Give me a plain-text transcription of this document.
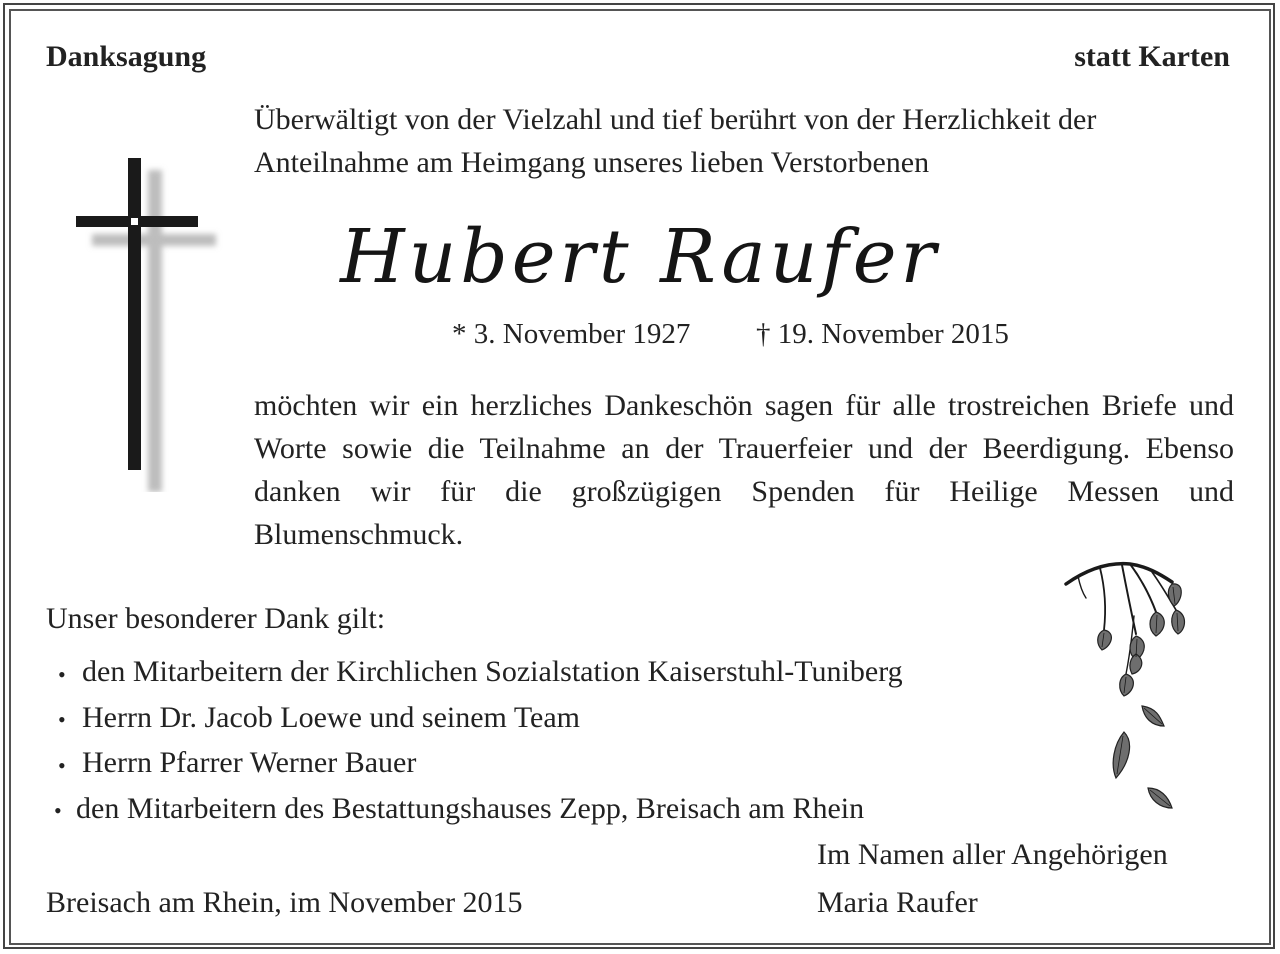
Danksagung	statt Karten
Überwältigt von der Vielzahl und tief berührt von der Herzlichkeit der Anteilnahme am Heimgang unseres lieben Verstorbenen
Hubert Raufer
* 3. November 1927 † 19. November 2015
möchten wir ein herzliches Dankeschön sagen für alle trostreichen Briefe und Worte sowie die Teilnahme an der Trauerfeier und der Beerdigung. Ebenso danken wir für die großzügigen Spenden für Heilige Messen und Blumenschmuck.
Unser besonderer Dank gilt:
• den Mitarbeitern der Kirchlichen Sozialstation Kaiserstuhl-Tuniberg
• Herrn Dr. Jacob Loewe und seinem Team
• Herrn Pfarrer Werner Bauer
• den Mitarbeitern des Bestattungshauses Zepp, Breisach am Rhein
Im Namen aller Angehörigen
Breisach am Rhein, im November 2015	Maria Raufer
